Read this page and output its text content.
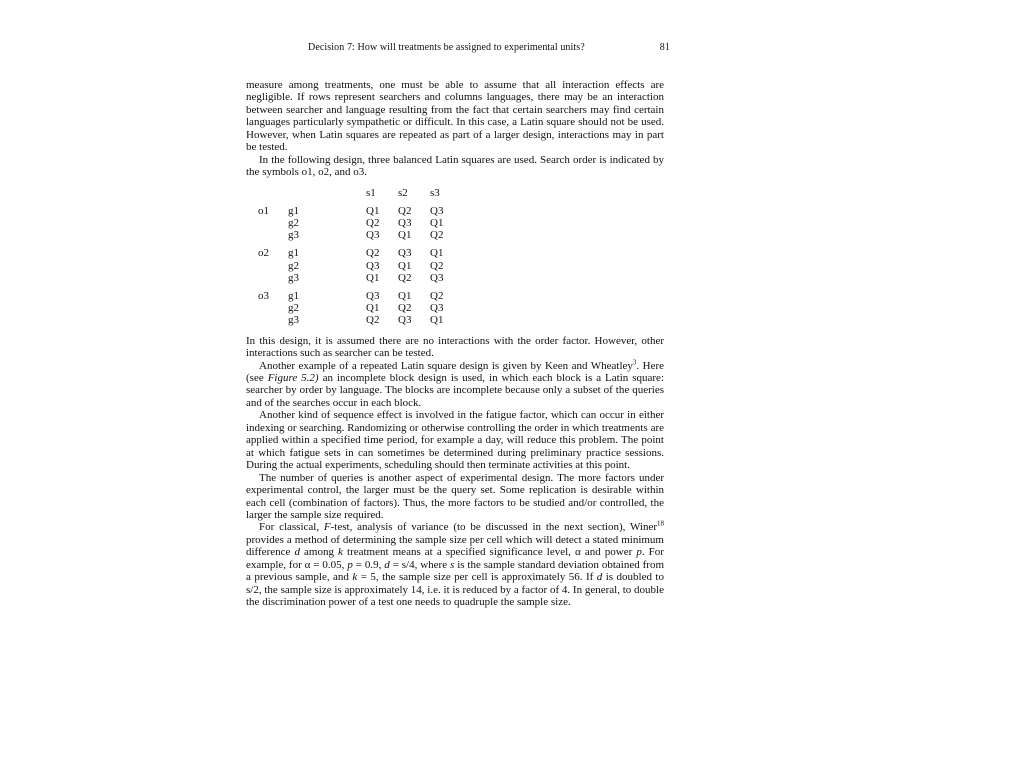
Decision 7: How will treatments be assigned to experimental units?	81

measure among treatments, one must be able to assume that all interaction effects are negligible. If rows represent searchers and columns languages, there may be an interaction between searcher and language resulting from the fact that certain searchers may find certain languages particularly sympathetic or difficult. In this case, a Latin square should not be used. However, when Latin squares are repeated as part of a larger design, interactions may in part be tested.

In the following design, three balanced Latin squares are used. Search order is indicated by the symbols o1, o2, and o3.

		s1	s2	s3

o1	g1	Q1	Q2	Q3
	g2	Q2	Q3	Q1
	g3	Q3	Q1	Q2

o2	g1	Q2	Q3	Q1
	g2	Q3	Q1	Q2
	g3	Q1	Q2	Q3

o3	g1	Q3	Q1	Q2
	g2	Q1	Q2	Q3
	g3	Q2	Q3	Q1

In this design, it is assumed there are no interactions with the order factor. However, other interactions such as searcher can be tested.

Another example of a repeated Latin square design is given by Keen and Wheatley$^3$. Here (see Figure 5.2) an incomplete block design is used, in which each block is a Latin square: searcher by order by language. The blocks are incomplete because only a subset of the queries and of the searches occur in each block.

Another kind of sequence effect is involved in the fatigue factor, which can occur in either indexing or searching. Randomizing or otherwise controlling the order in which treatments are applied within a specified time period, for example a day, will reduce this problem. The point at which fatigue sets in can sometimes be determined during preliminary practice sessions. During the actual experiments, scheduling should then terminate activities at this point.

The number of queries is another aspect of experimental design. The more factors under experimental control, the larger must be the query set. Some replication is desirable within each cell (combination of factors). Thus, the more factors to be studied and/or controlled, the larger the sample size required.

For classical, F-test, analysis of variance (to be discussed in the next section), Winer$^{18}$ provides a method of determining the sample size per cell which will detect a stated minimum difference d among k treatment means at a specified significance level, α and power p. For example, for α = 0.05, p = 0.9, d = s/4, where s is the sample standard deviation obtained from a previous sample, and k = 5, the sample size per cell is approximately 56. If d is doubled to s/2, the sample size is approximately 14, i.e. it is reduced by a factor of 4. In general, to double the discrimination power of a test one needs to quadruple the sample size.
